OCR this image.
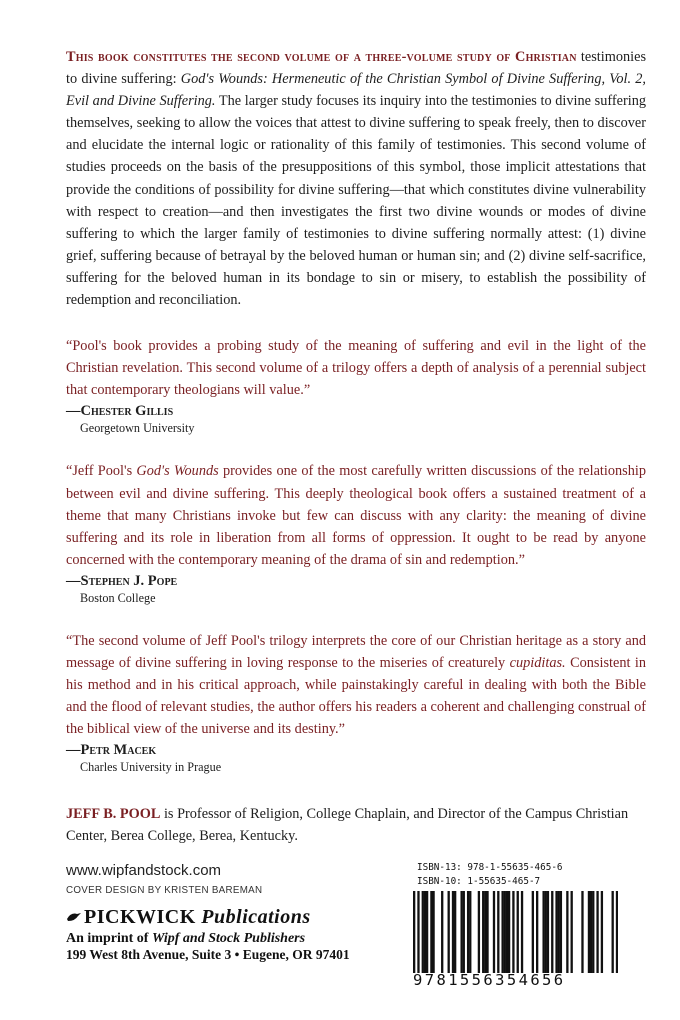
This book constitutes the second volume of a three-volume study of Christian testimonies to divine suffering: God's Wounds: Hermeneutic of the Christian Symbol of Divine Suffering, Vol. 2, Evil and Divine Suffering. The larger study focuses its inquiry into the testimonies to divine suffering themselves, seeking to allow the voices that attest to divine suffering to speak freely, then to discover and elucidate the internal logic or rationality of this family of testimonies. This second volume of studies proceeds on the basis of the presuppositions of this symbol, those implicit attestations that provide the conditions of possibility for divine suffering—that which constitutes divine vulnerability with respect to creation—and then investigates the first two divine wounds or modes of divine suffering to which the larger family of testimonies to divine suffering normally attest: (1) divine grief, suffering because of betrayal by the beloved human or human sin; and (2) divine self-sacrifice, suffering for the beloved human in its bondage to sin or misery, to establish the possibility of redemption and reconciliation.

“Pool's book provides a probing study of the meaning of suffering and evil in the light of the Christian revelation. This second volume of a trilogy offers a depth of analysis of a perennial subject that contemporary theologians will value.”

—Chester Gillis
Georgetown University

“Jeff Pool's God's Wounds provides one of the most carefully written discussions of the relationship between evil and divine suffering. This deeply theological book offers a sustained treatment of a theme that many Christians invoke but few can discuss with any clarity: the meaning of divine suffering and its role in liberation from all forms of oppression. It ought to be read by anyone concerned with the contemporary meaning of the drama of sin and redemption.”

—Stephen J. Pope
Boston College

“The second volume of Jeff Pool's trilogy interprets the core of our Christian heritage as a story and message of divine suffering in loving response to the miseries of creaturely cupiditas. Consistent in his method and in his critical approach, while painstakingly careful in dealing with both the Bible and the flood of relevant studies, the author offers his readers a coherent and challenging construal of the biblical view of the universe and its destiny.”

—Petr Macek
Charles University in Prague
JEFF B. POOL is Professor of Religion, College Chaplain, and Director of the Campus Christian Center, Berea College, Berea, Kentucky.
www.wipfandstock.com
COVER DESIGN BY KRISTEN BAREMAN
PICKWICK Publications
An imprint of Wipf and Stock Publishers
199 West 8th Avenue, Suite 3 • Eugene, OR 97401
ISBN-13: 978-1-55635-465-6
ISBN-10: 1-55635-465-7
9781556354656
